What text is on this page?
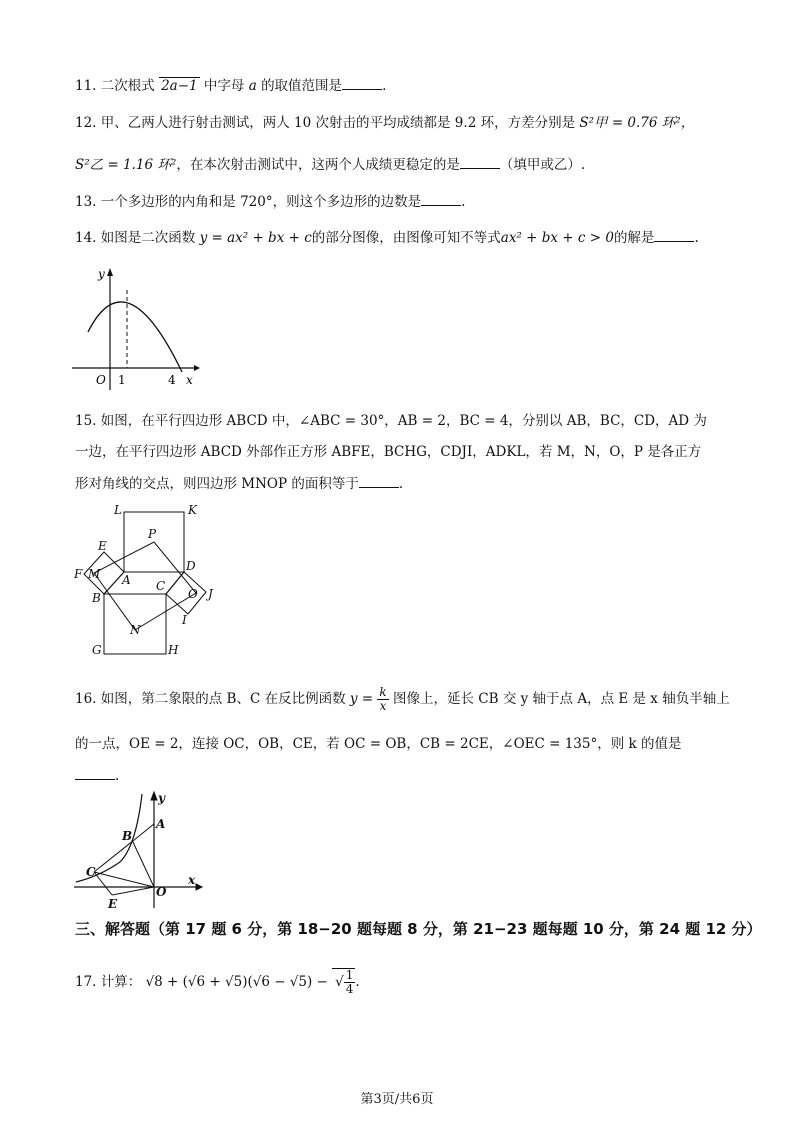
11. 二次根式 2a−1 中字母 a 的取值范围是	.
12. 甲、乙两人进行射击测试，两人 10 次射击的平均成绩都是 9.2 环，方差分别是 S²甲 = 0.76 环²，
S²乙 = 1.16 环²，在本次射击测试中，这两个人成绩更稳定的是	（填甲或乙）.
13. 一个多边形的内角和是 720°，则这个多边形的边数是	.
14. 如图是二次函数 y = ax² + bx + c的部分图像，由图像可知不等式ax² + bx + c > 0的解是	.
y
O 1	4 x
15. 如图，在平行四边形 ABCD 中，∠ABC = 30°，AB = 2，BC = 4，分别以 AB，BC，CD，AD 为
一边，在平行四边形 ABCD 外部作正方形 ABFE，BCHG，CDJI，ADKL，若 M，N，O，P 是各正方
形对角线的交点，则四边形 MNOP 的面积等于	.
L	K
P
E
D
F M A C
O J
B
I
N
G	H
16. 如图，第二象限的点 B、C 在反比例函数 $y = \frac{k}{x}$ 图像上，延长 CB 交 y 轴于点 A，点 E 是 x 轴负半轴上
的一点，OE = 2，连接 OC，OB，CE，若 OC = OB，CB = 2CE，∠OEC = 135°，则 k 的值是
.
y
A
B
C
O
x
E
三、解答题（第 17 题 6 分，第 18−20 题每题 8 分，第 21−23 题每题 10 分，第 24 题 12 分）
17. 计算： √8 + (√6 + √5)(√6 − √5) − √ $\frac{1}{4}$ .
第3页/共6页
